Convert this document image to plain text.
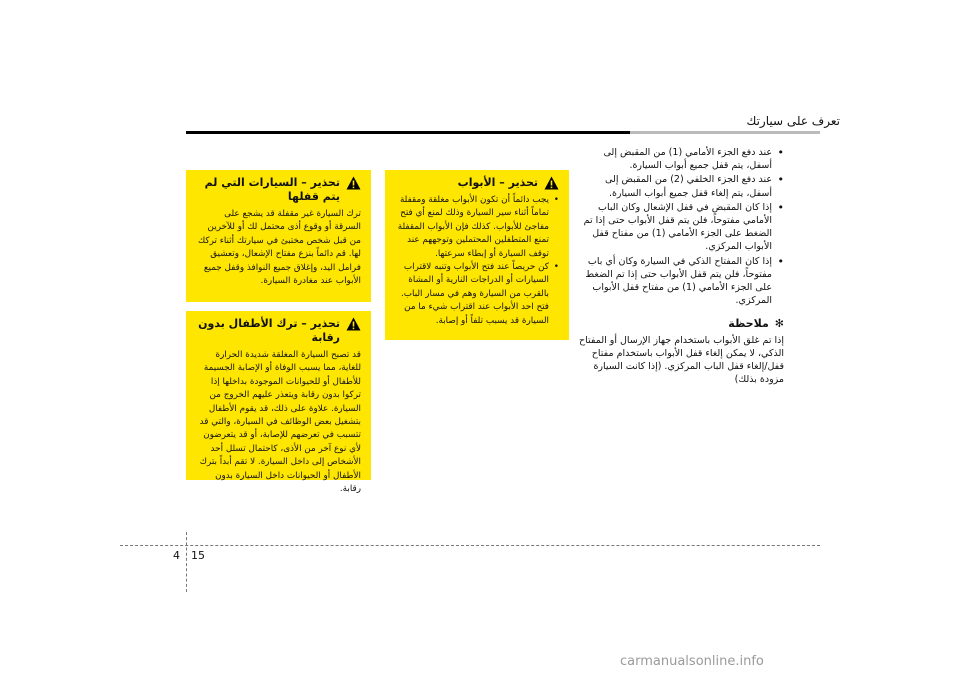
تعرف على سيارتك
• عند دفع الجزء الأمامي (1) من المقبض إلى أسفل، يتم قفل جميع أبواب السيارة.
• عند دفع الجزء الخلفي (2) من المقبض إلى أسفل، يتم إلغاء قفل جميع أبواب السيارة.
• إذا كان المقبض في قفل الإشعال وكان الباب الأمامي مفتوحاً، فلن يتم قفل الأبواب حتى إذا تم الضغط على الجزء الأمامي (1) من مفتاح قفل الأبواب المركزي.
• إذا كان المفتاح الذكي في السيارة وكان أي باب مفتوحاً، فلن يتم قفل الأبواب حتى إذا تم الضغط على الجزء الأمامي (1) من مفتاح قفل الأبواب المركزي.
✻
ملاحظة
إذا تم غلق الأبواب باستخدام جهاز الإرسال أو المفتاح الذكي، لا يمكن إلغاء قفل الأبواب باستخدام مفتاح قفل/إلغاء قفل الباب المركزي. (إذا كانت السيارة مزودة بذلك)
تحذير – الأبواب
• يجب دائماً أن تكون الأبواب مغلقة ومقفلة تماماً أثناء سير السيارة وذلك لمنع أي فتح مفاجئ للأبواب. كذلك فإن الأبواب المقفلة تمنع المتطفلين المحتملين وتوجههم عند توقف السيارة أو إبطاء سرعتها.
• كن حريصاً عند فتح الأبواب وتنبه لاقتراب السيارات أو الدراجات النارية أو المشاة بالقرب من السيارة وهم في مسار الباب. فتح احد الأبواب عند اقتراب شيء ما من السيارة قد يسبب تلفاً أو إصابة.
تحذير – السيارات التي لم يتم قفلها
ترك السيارة غير مقفلة قد يشجع على السرقة أو وقوع أذى محتمل لك أو للآخرين من قبل شخص مختبئ في سيارتك أثناء تركك لها. قم دائماً بنزع مفتاح الإشعال، وتعشيق فرامل اليد، وإغلاق جميع النوافذ وقفل جميع الأبواب عند مغادرة السيارة.
تحذير – ترك الأطفال بدون رقابة
قد تصبح السيارة المغلقة شديدة الحرارة للغاية، مما يسبب الوفاة أو الإصابة الجسيمة للأطفال أو للحيوانات الموجودة بداخلها إذا تركوا بدون رقابة ويتعذر عليهم الخروج من السيارة. علاوة على ذلك، قد يقوم الأطفال بتشغيل بعض الوظائف في السيارة، والتي قد تتسبب في تعرضهم للإصابة، أو قد يتعرضون لأي نوع آخر من الأذى، كاحتمال تسلل أحد الأشخاص إلى داخل السيارة. لا تقم أبداً بترك الأطفال أو الحيوانات داخل السيارة بدون رقابة.
4 15
carmanualsonline.info
